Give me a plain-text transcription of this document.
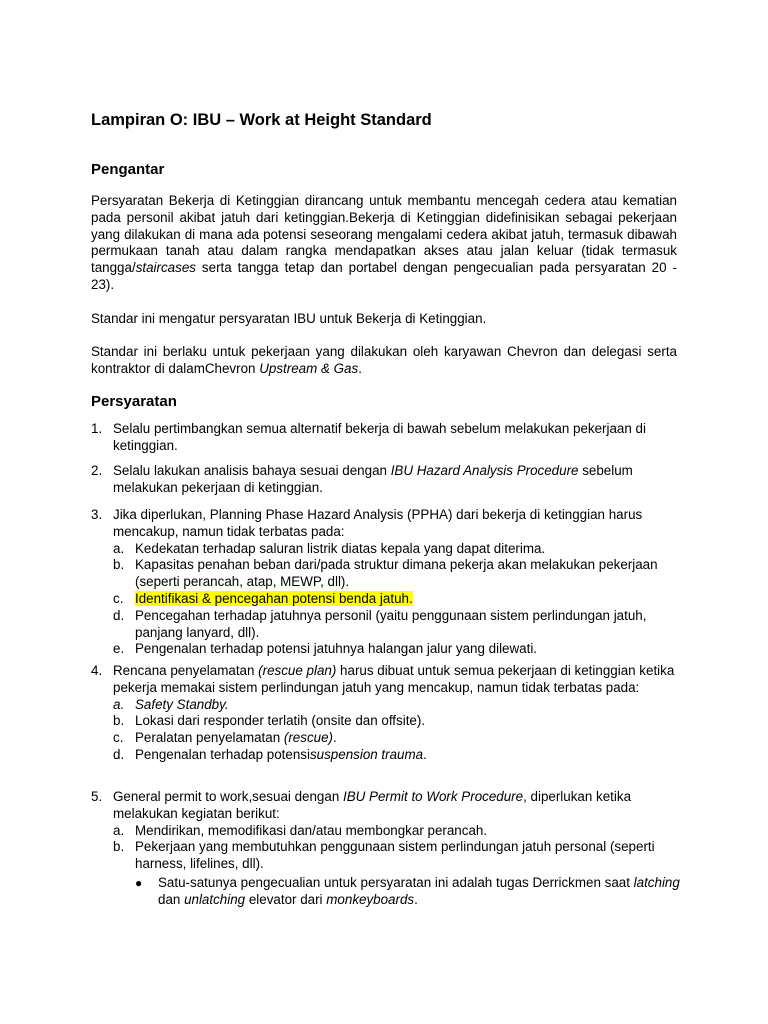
Lampiran O: IBU – Work at Height Standard
Pengantar

Persyaratan Bekerja di Ketinggian dirancang untuk membantu mencegah cedera atau kematian pada personil akibat jatuh dari ketinggian.Bekerja di Ketinggian didefinisikan sebagai pekerjaan yang dilakukan di mana ada potensi seseorang mengalami cedera akibat jatuh, termasuk dibawah permukaan tanah atau dalam rangka mendapatkan akses atau jalan keluar (tidak termasuk tangga/staircases serta tangga tetap dan portabel dengan pengecualian pada persyaratan 20 - 23).

Standar ini mengatur persyaratan IBU untuk Bekerja di Ketinggian.

Standar ini berlaku untuk pekerjaan yang dilakukan oleh karyawan Chevron dan delegasi serta kontraktor di dalamChevron Upstream & Gas.

Persyaratan
1. Selalu pertimbangkan semua alternatif bekerja di bawah sebelum melakukan pekerjaan di ketinggian.
2. Selalu lakukan analisis bahaya sesuai dengan IBU Hazard Analysis Procedure sebelum melakukan pekerjaan di ketinggian.
3. Jika diperlukan, Planning Phase Hazard Analysis (PPHA) dari bekerja di ketinggian harus mencakup, namun tidak terbatas pada:
a. Kedekatan terhadap saluran listrik diatas kepala yang dapat diterima.
b. Kapasitas penahan beban dari/pada struktur dimana pekerja akan melakukan pekerjaan (seperti perancah, atap, MEWP, dll).
c. Identifikasi & pencegahan potensi benda jatuh.
d. Pencegahan terhadap jatuhnya personil (yaitu penggunaan sistem perlindungan jatuh, panjang lanyard, dll).
e. Pengenalan terhadap potensi jatuhnya halangan jalur yang dilewati.
4. Rencana penyelamatan (rescue plan) harus dibuat untuk semua pekerjaan di ketinggian ketika pekerja memakai sistem perlindungan jatuh yang mencakup, namun tidak terbatas pada:
a. Safety Standby.
b. Lokasi dari responder terlatih (onsite dan offsite).
c. Peralatan penyelamatan (rescue).
d. Pengenalan terhadap potensisuspension trauma.
5. General permit to work,sesuai dengan IBU Permit to Work Procedure, diperlukan ketika melakukan kegiatan berikut:
a. Mendirikan, memodifikasi dan/atau membongkar perancah.
b. Pekerjaan yang membutuhkan penggunaan sistem perlindungan jatuh personal (seperti harness, lifelines, dll).
● Satu-satunya pengecualian untuk persyaratan ini adalah tugas Derrickmen saat latching dan unlatching elevator dari monkeyboards.
